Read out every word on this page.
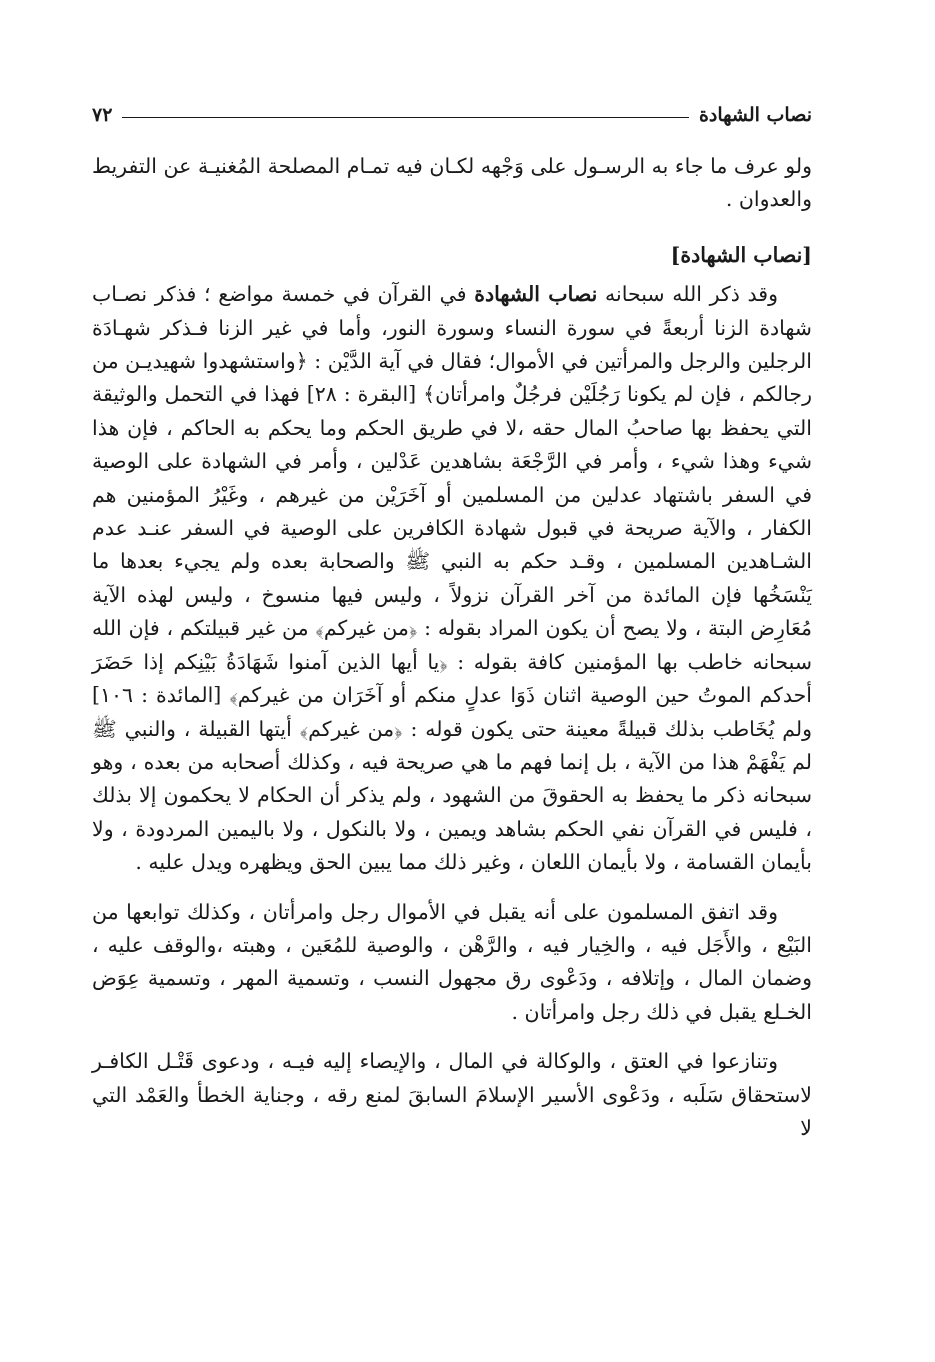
٧٢	نصاب الشهادة

ولو عرف ما جاء به الرسـول على وَجْهه لكـان فيه تمـام المصلحة المُغنيـة عن التفريط والعدوان .

[نصاب الشهادة]

وقد ذكر الله سبحانه نصاب الشهادة في القرآن في خمسة مواضع ؛ فذكر نصـاب شهادة الزنا أربعةً في سورة النساء وسورة النور، وأما في غير الزنا فـذكر شهـادَة الرجلين والرجل والمرأتين في الأموال؛ فقال في آية الدَّيْن : ﴿واستشهدوا شهيديـن من رجالكم ، فإن لم يكونا رَجُلَيْن فرجُلٌ وامرأتان﴾ [البقرة : ٢٨] فهذا في التحمل والوثيقة التي يحفظ بها صاحبُ المال حقه ،لا في طريق الحكم وما يحكم به الحاكم ، فإن هذا شيء وهذا شيء ، وأمر في الرَّجْعَة بشاهدين عَدْلين ، وأمر في الشهادة على الوصية في السفر باشتهاد عدلين من المسلمين أو آخَرَيْن من غيرهم ، وغَيْرُ المؤمنين هم الكفار ، والآية صريحة في قبول شهادة الكافرين على الوصية في السفر عنـد عدم الشـاهدين المسلمين ، وقـد حكم به النبي ﷺ والصحابة بعده ولم يجيء بعدها ما يَنْسَخُها فإن المائدة من آخر القرآن نزولاً ، وليس فيها منسوخ ، وليس لهذه الآية مُعَارِض البتة ، ولا يصح أن يكون المراد بقوله : ﴿من غيركم﴾ من غير قبيلتكم ، فإن الله سبحانه خاطب بها المؤمنين كافة بقوله : ﴿يا أيها الذين آمنوا شَهَادَةُ بَيْنِكم إذا حَضَرَ أحدكم الموتُ حين الوصية اثنان ذَوَا عدلٍ منكم أو آخَرَان من غيركم﴾ [المائدة : ١٠٦] ولم يُخَاطب بذلك قبيلةً معينة حتى يكون قوله : ﴿من غيركم﴾ أيتها القبيلة ، والنبي ﷺ لم يَفْهَمْ هذا من الآية ، بل إنما فهم ما هي صريحة فيه ، وكذلك أصحابه من بعده ، وهو سبحانه ذكر ما يحفظ به الحقوقَ من الشهود ، ولم يذكر أن الحكام لا يحكمون إلا بذلك ، فليس في القرآن نفي الحكم بشاهد ويمين ، ولا بالنكول ، ولا باليمين المردودة ، ولا بأيمان القسامة ، ولا بأيمان اللعان ، وغير ذلك مما يبين الحق ويظهره ويدل عليه .

وقد اتفق المسلمون على أنه يقبل في الأموال رجل وامرأتان ، وكذلك توابعها من البَيْع ، والأَجَل فيه ، والخِيار فيه ، والرَّهْن ، والوصية للمُعَين ، وهبته ،والوقف عليه ، وضمان المال ، وإتلافه ، ودَعْوى رق مجهول النسب ، وتسمية المهر ، وتسمية عِوَض الخـلع يقبل في ذلك رجل وامرأتان .

وتنازعوا في العتق ، والوكالة في المال ، والإيصاء إليه فيـه ، ودعوى قَتْـل الكافـر لاستحقاق سَلَبه ، ودَعْوى الأسير الإسلامَ السابقَ لمنع رقه ، وجناية الخطأ والعَمْد التي لا
